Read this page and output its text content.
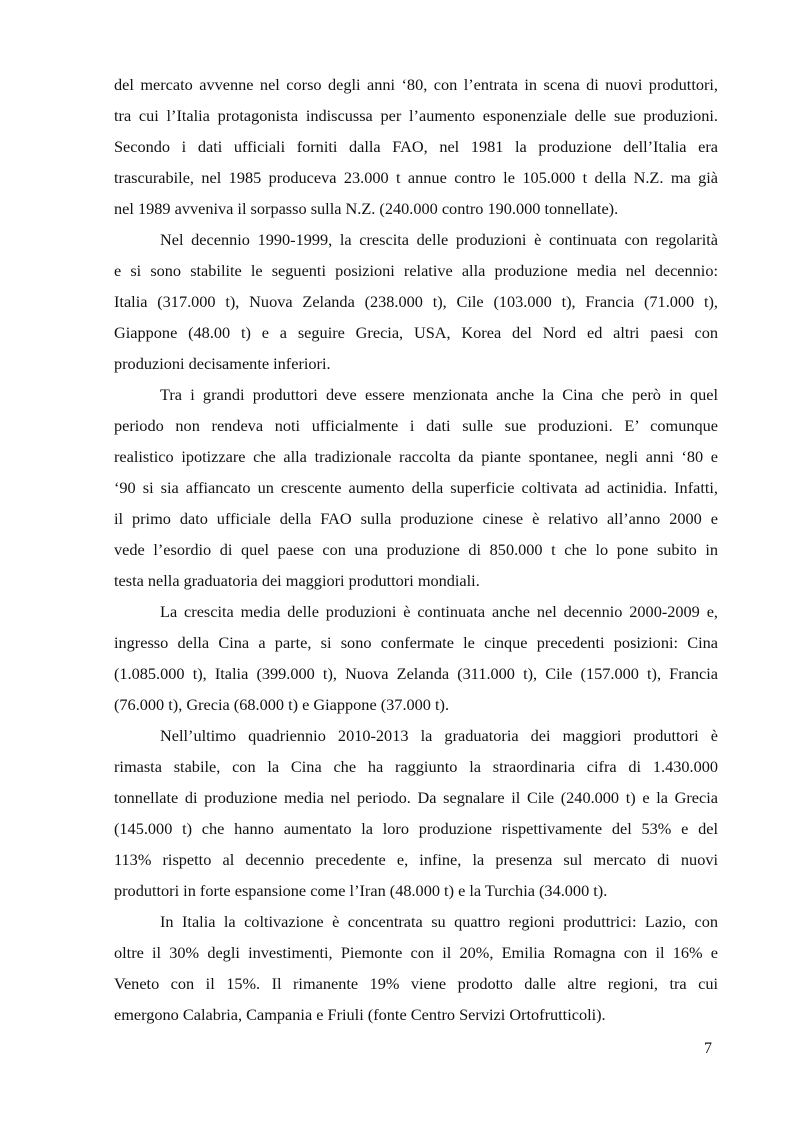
del mercato avvenne nel corso degli anni ‘80, con l’entrata in scena di nuovi produttori,
tra cui l’Italia protagonista indiscussa per l’aumento esponenziale delle sue produzioni.
Secondo i dati ufficiali forniti dalla FAO, nel 1981 la produzione dell’Italia era
trascurabile, nel 1985 produceva 23.000 t annue contro le 105.000 t della N.Z. ma già
nel 1989 avveniva il sorpasso sulla N.Z. (240.000 contro 190.000 tonnellate).
Nel decennio 1990-1999, la crescita delle produzioni è continuata con regolarità
e si sono stabilite le seguenti posizioni relative alla produzione media nel decennio:
Italia (317.000 t), Nuova Zelanda (238.000 t), Cile (103.000 t), Francia (71.000 t),
Giappone (48.00 t) e a seguire Grecia, USA, Korea del Nord ed altri paesi con
produzioni decisamente inferiori.
Tra i grandi produttori deve essere menzionata anche la Cina che però in quel
periodo non rendeva noti ufficialmente i dati sulle sue produzioni. E’ comunque
realistico ipotizzare che alla tradizionale raccolta da piante spontanee, negli anni ‘80 e
‘90 si sia affiancato un crescente aumento della superficie coltivata ad actinidia. Infatti,
il primo dato ufficiale della FAO sulla produzione cinese è relativo all’anno 2000 e
vede l’esordio di quel paese con una produzione di 850.000 t che lo pone subito in
testa nella graduatoria dei maggiori produttori mondiali.
La crescita media delle produzioni è continuata anche nel decennio 2000-2009 e,
ingresso della Cina a parte, si sono confermate le cinque precedenti posizioni: Cina
(1.085.000 t), Italia (399.000 t), Nuova Zelanda (311.000 t), Cile (157.000 t), Francia
(76.000 t), Grecia (68.000 t) e Giappone (37.000 t).
Nell’ultimo quadriennio 2010-2013 la graduatoria dei maggiori produttori è
rimasta stabile, con la Cina che ha raggiunto la straordinaria cifra di 1.430.000
tonnellate di produzione media nel periodo. Da segnalare il Cile (240.000 t) e la Grecia
(145.000 t) che hanno aumentato la loro produzione rispettivamente del 53% e del
113% rispetto al decennio precedente e, infine, la presenza sul mercato di nuovi
produttori in forte espansione come l’Iran (48.000 t) e la Turchia (34.000 t).
In Italia la coltivazione è concentrata su quattro regioni produttrici: Lazio, con
oltre il 30% degli investimenti, Piemonte con il 20%, Emilia Romagna con il 16% e
Veneto con il 15%. Il rimanente 19% viene prodotto dalle altre regioni, tra cui
emergono Calabria, Campania e Friuli (fonte Centro Servizi Ortofrutticoli).
7
